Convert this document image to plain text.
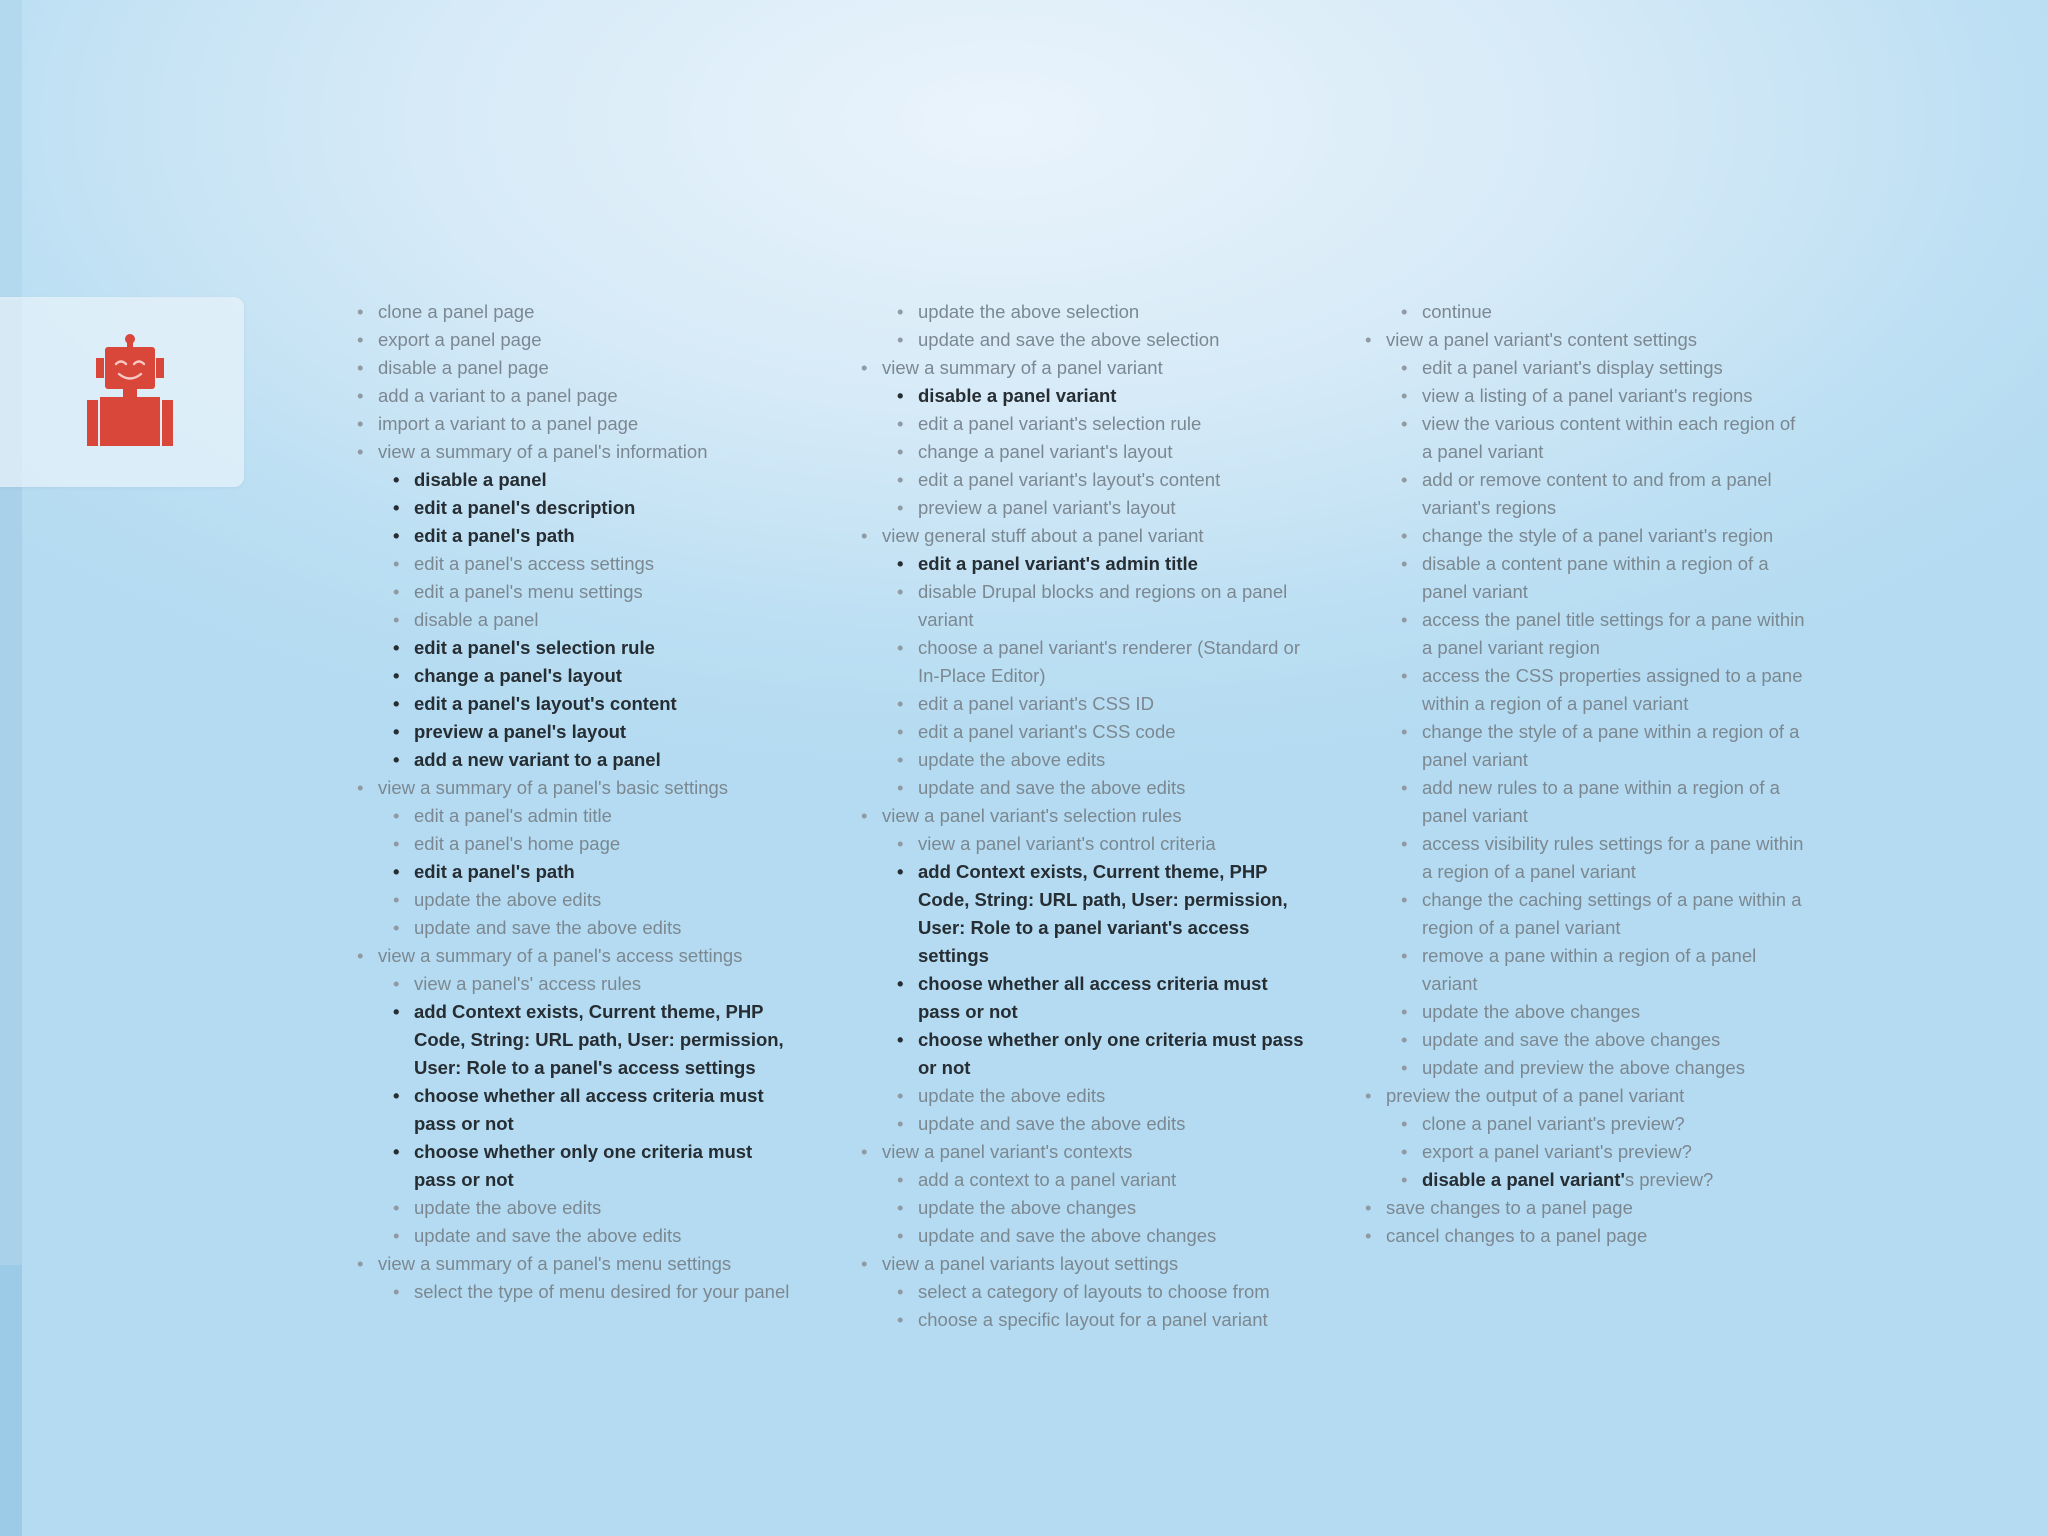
• clone a panel page
• export a panel page
• disable a panel page
• add a variant to a panel page
• import a variant to a panel page
• view a summary of a panel's information
• disable a panel
• edit a panel's description
• edit a panel's path
• edit a panel's access settings
• edit a panel's menu settings
• disable a panel
• edit a panel's selection rule
• change a panel's layout
• edit a panel's layout's content
• preview a panel's layout
• add a new variant to a panel
• view a summary of a panel's basic settings
• edit a panel's admin title
• edit a panel's home page
• edit a panel's path
• update the above edits
• update and save the above edits
• view a summary of a panel's access settings
• view a panel's' access rules
• add Context exists, Current theme, PHP Code, String: URL path, User: permission, User: Role to a panel's access settings
• choose whether all access criteria must pass or not
• choose whether only one criteria must pass or not
• update the above edits
• update and save the above edits
• view a summary of a panel's menu settings
• select the type of menu desired for your panel
• update the above selection
• update and save the above selection
• view a summary of a panel variant
• disable a panel variant
• edit a panel variant's selection rule
• change a panel variant's layout
• edit a panel variant's layout's content
• preview a panel variant's layout
• view general stuff about a panel variant
• edit a panel variant's admin title
• disable Drupal blocks and regions on a panel variant
• choose a panel variant's renderer (Standard or In-Place Editor)
• edit a panel variant's CSS ID
• edit a panel variant's CSS code
• update the above edits
• update and save the above edits
• view a panel variant's selection rules
• view a panel variant's control criteria
• add Context exists, Current theme, PHP Code, String: URL path, User: permission, User: Role to a panel variant's access settings
• choose whether all access criteria must pass or not
• choose whether only one criteria must pass or not
• update the above edits
• update and save the above edits
• view a panel variant's contexts
• add a context to a panel variant
• update the above changes
• update and save the above changes
• view a panel variants layout settings
• select a category of layouts to choose from
• choose a specific layout for a panel variant
• continue
• view a panel variant's content settings
• edit a panel variant's display settings
• view a listing of a panel variant's regions
• view the various content within each region of a panel variant
• add or remove content to and from a panel variant's regions
• change the style of a panel variant's region
• disable a content pane within a region of a panel variant
• access the panel title settings for a pane within a panel variant region
• access the CSS properties assigned to a pane within a region of a panel variant
• change the style of a pane within a region of a panel variant
• add new rules to a pane within a region of a panel variant
• access visibility rules settings for a pane within a region of a panel variant
• change the caching settings of a pane within a region of a panel variant
• remove a pane within a region of a panel variant
• update the above changes
• update and save the above changes
• update and preview the above changes
• preview the output of a panel variant
• clone a panel variant's preview?
• export a panel variant's preview?
• disable a panel variant's preview?
• save changes to a panel page
• cancel changes to a panel page
